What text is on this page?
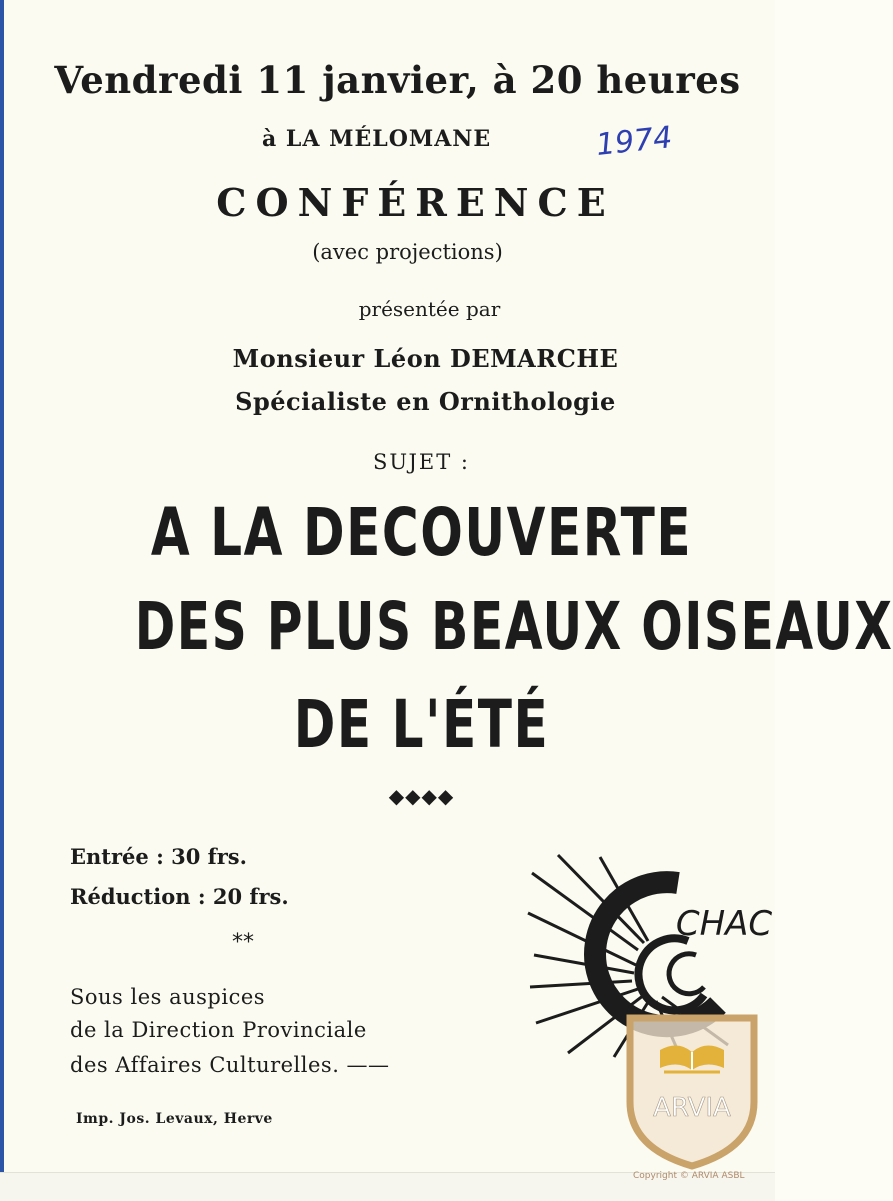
Vendredi 11 janvier, à 20 heures
à LA MÉLOMANE	1974
CONFÉRENCE
(avec projections)
présentée par
Monsieur Léon DEMARCHE
Spécialiste en Ornithologie
SUJET :
A LA DECOUVERTE
DES PLUS BEAUX OISEAUX
DE L'ÉTÉ
◆◆◆◆
Entrée : 30 frs.
Réduction : 20 frs.
**
Sous les auspices
de la Direction Provinciale
des Affaires Culturelles. ——
Imp. Jos. Levaux, Herve
CHAC
ARVIA
Copyright © ARVIA ASBL
